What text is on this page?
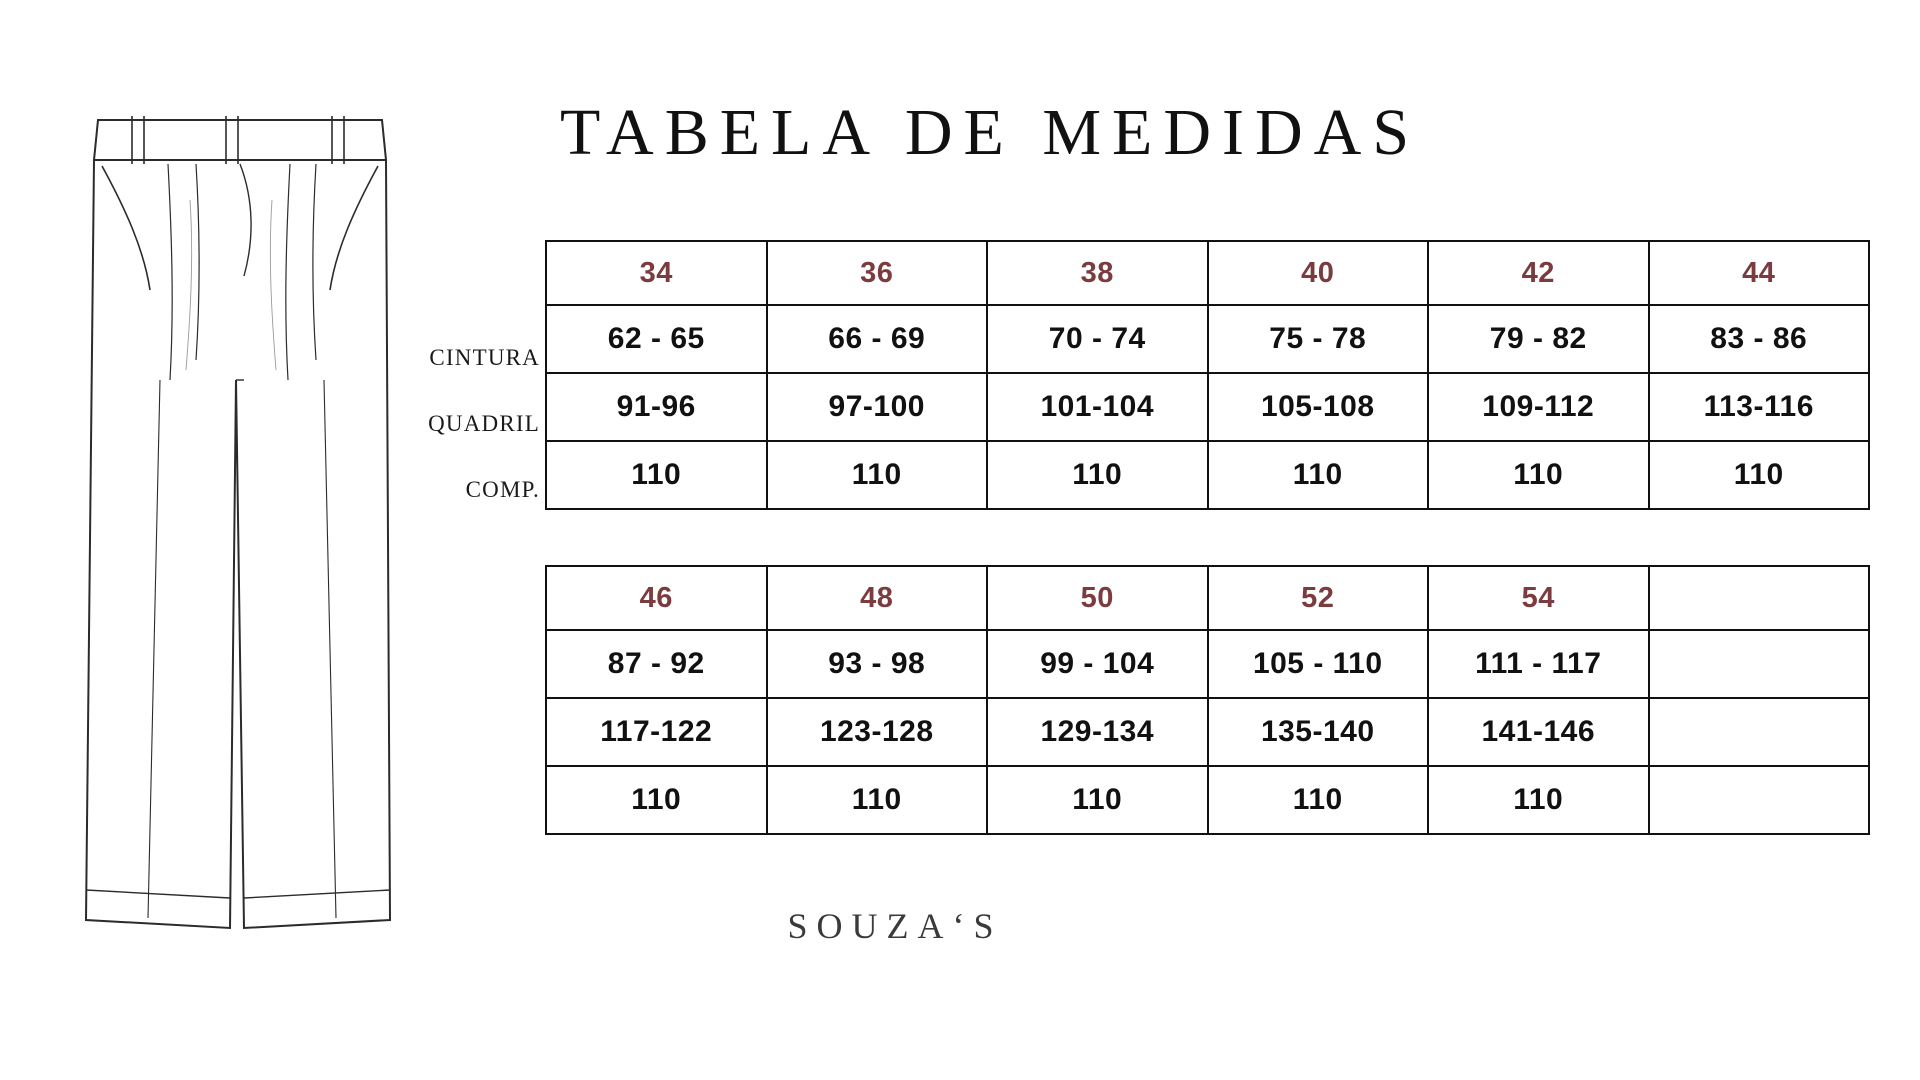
TABELA DE MEDIDAS
CINTURA
QUADRIL
COMP.
34	36	38	40	42	44
62 - 65	66 - 69	70 - 74	75 - 78	79 - 82	83 - 86
91-96	97-100	101-104	105-108	109-112	113-116
110	110	110	110	110	110
46	48	50	52	54	
87 - 92	93 - 98	99 - 104	105 - 110	111 - 117	
117-122	123-128	129-134	135-140	141-146	
110	110	110	110	110	
SOUZA‘S
